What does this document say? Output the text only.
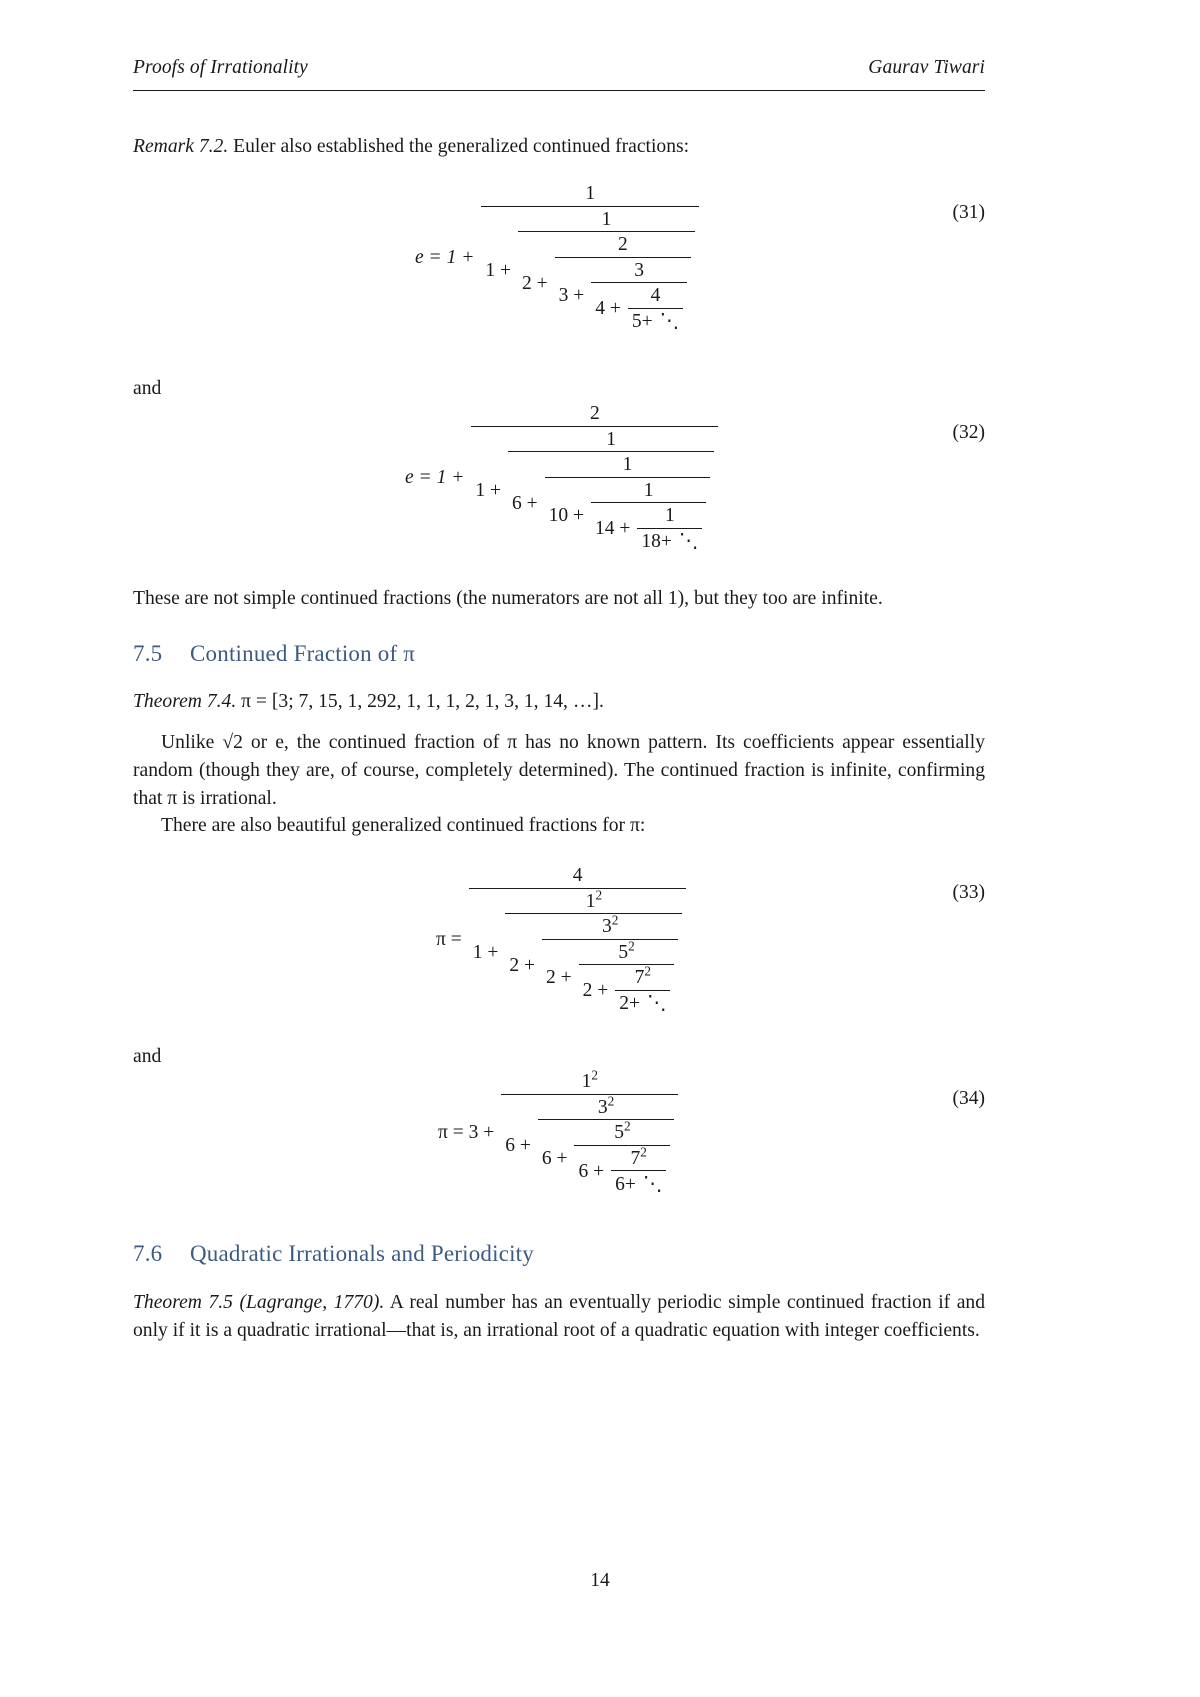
Proofs of Irrationality	Gaurav Tiwari

Remark 7.2. Euler also established the generalized continued fractions:

$e = 1 + \frac{1}{1 + \frac{1}{2 + \frac{2}{3 + \frac{3}{4 + \frac{4}{5+ ⋱}}}}}$	(31)

and

$e = 1 + \frac{2}{1 + \frac{1}{6 + \frac{1}{10 + \frac{1}{14 + \frac{1}{18+ ⋱}}}}}$	(32)

These are not simple continued fractions (the numerators are not all 1), but they too are infinite.

7.5 Continued Fraction of π

Theorem 7.4. π = [3; 7, 15, 1, 292, 1, 1, 1, 2, 1, 3, 1, 14, …].

Unlike √2 or e, the continued fraction of π has no known pattern. Its coefficients appear essentially random (though they are, of course, completely determined). The continued fraction is infinite, confirming that π is irrational.

There are also beautiful generalized continued fractions for π:

$\pi = \frac{4}{1 + \frac{1^2}{2 + \frac{3^2}{2 + \frac{5^2}{2 + \frac{7^2}{2+ ⋱}}}}}$	(33)

and

$\pi = 3 + \frac{1^2}{6 + \frac{3^2}{6 + \frac{5^2}{6 + \frac{7^2}{6+ ⋱}}}}$	(34)
7.6 Quadratic Irrationals and Periodicity

Theorem 7.5 (Lagrange, 1770). A real number has an eventually periodic simple continued fraction if and only if it is a quadratic irrational—that is, an irrational root of a quadratic equation with integer coefficients.

14
